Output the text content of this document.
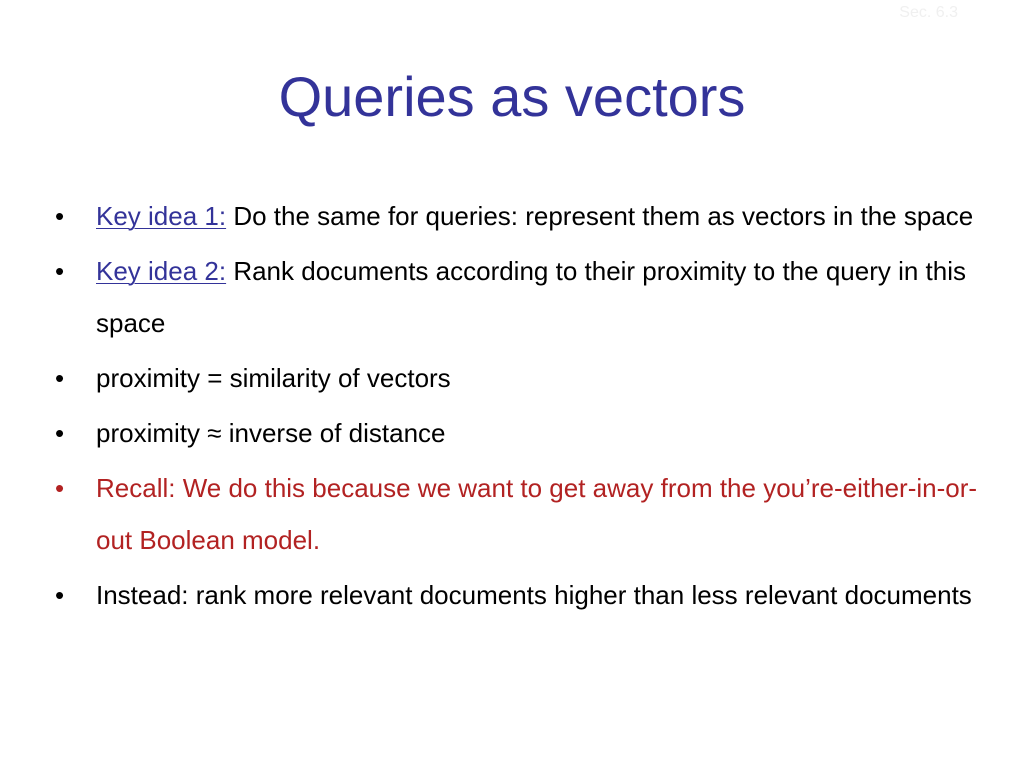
Sec. 6.3
Queries as vectors
• Key idea 1: Do the same for queries: represent them as vectors in the space
• Key idea 2: Rank documents according to their proximity to the query in this space
• proximity = similarity of vectors
• proximity ≈ inverse of distance
• Recall: We do this because we want to get away from the you’re-either-in-or-out Boolean model.
• Instead: rank more relevant documents higher than less relevant documents
